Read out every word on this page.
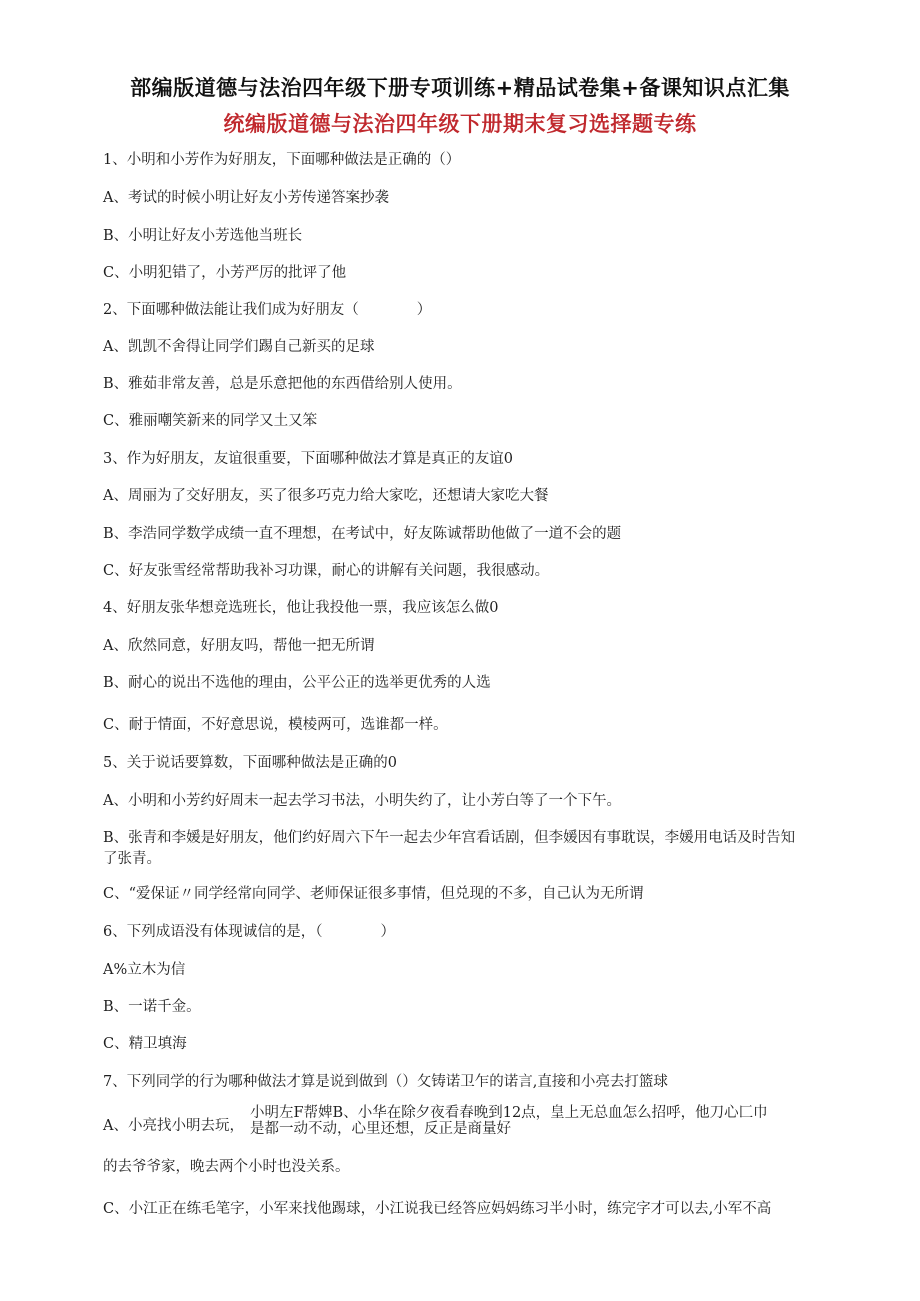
部编版道德与法治四年级下册专项训练+精品试卷集+备课知识点汇集
统编版道德与法治四年级下册期末复习选择题专练
1、小明和小芳作为好朋友，下面哪种做法是正确的（）
A、考试的时候小明让好友小芳传递答案抄袭
B、小明让好友小芳选他当班长
C、小明犯错了，小芳严厉的批评了他
2、下面哪种做法能让我们成为好朋友（　　　　）
A、凯凯不舍得让同学们踢自己新买的足球
B、雅茹非常友善，总是乐意把他的东西借给别人使用。
C、雅丽嘲笑新来的同学又土又笨
3、作为好朋友，友谊很重要，下面哪种做法才算是真正的友谊0
A、周丽为了交好朋友，买了很多巧克力给大家吃，还想请大家吃大餐
B、李浩同学数学成绩一直不理想，在考试中，好友陈诚帮助他做了一道不会的题
C、好友张雪经常帮助我补习功课，耐心的讲解有关问题，我很感动。
4、好朋友张华想竞选班长，他让我投他一票，我应该怎么做0
A、欣然同意，好朋友吗，帮他一把无所谓
B、耐心的说出不选他的理由，公平公正的选举更优秀的人选
C、耐于情面，不好意思说，模棱两可，选谁都一样。
5、关于说话要算数，下面哪种做法是正确的0
A、小明和小芳约好周末一起去学习书法，小明失约了，让小芳白等了一个下午。
B、张青和李媛是好朋友，他们约好周六下午一起去少年宫看话剧，但李媛因有事耽误，李媛用电话及时告知了张青。
C、“爱保证〃同学经常向同学、老师保证很多事情，但兑现的不多，自己认为无所谓
6、下列成语没有体现诚信的是，（　　　　）
A%立木为信
B、一诺千金。
C、精卫填海
7、下列同学的行为哪种做法才算是说到做到（）攵铸诺卫乍的诺言,直接和小亮去打篮球
A、小亮找小明去玩，
小明左F帮婢B、小华在除夕夜看春晚到12点，皇上无总血怎么招呼，他刀心匚巾
是都一动不动，心里还想，反正是商量好
的去爷爷家，晚去两个小时也没关系。
C、小江正在练毛笔字，小军来找他踢球，小江说我已经答应妈妈练习半小时，练完字才可以去,小军不高
